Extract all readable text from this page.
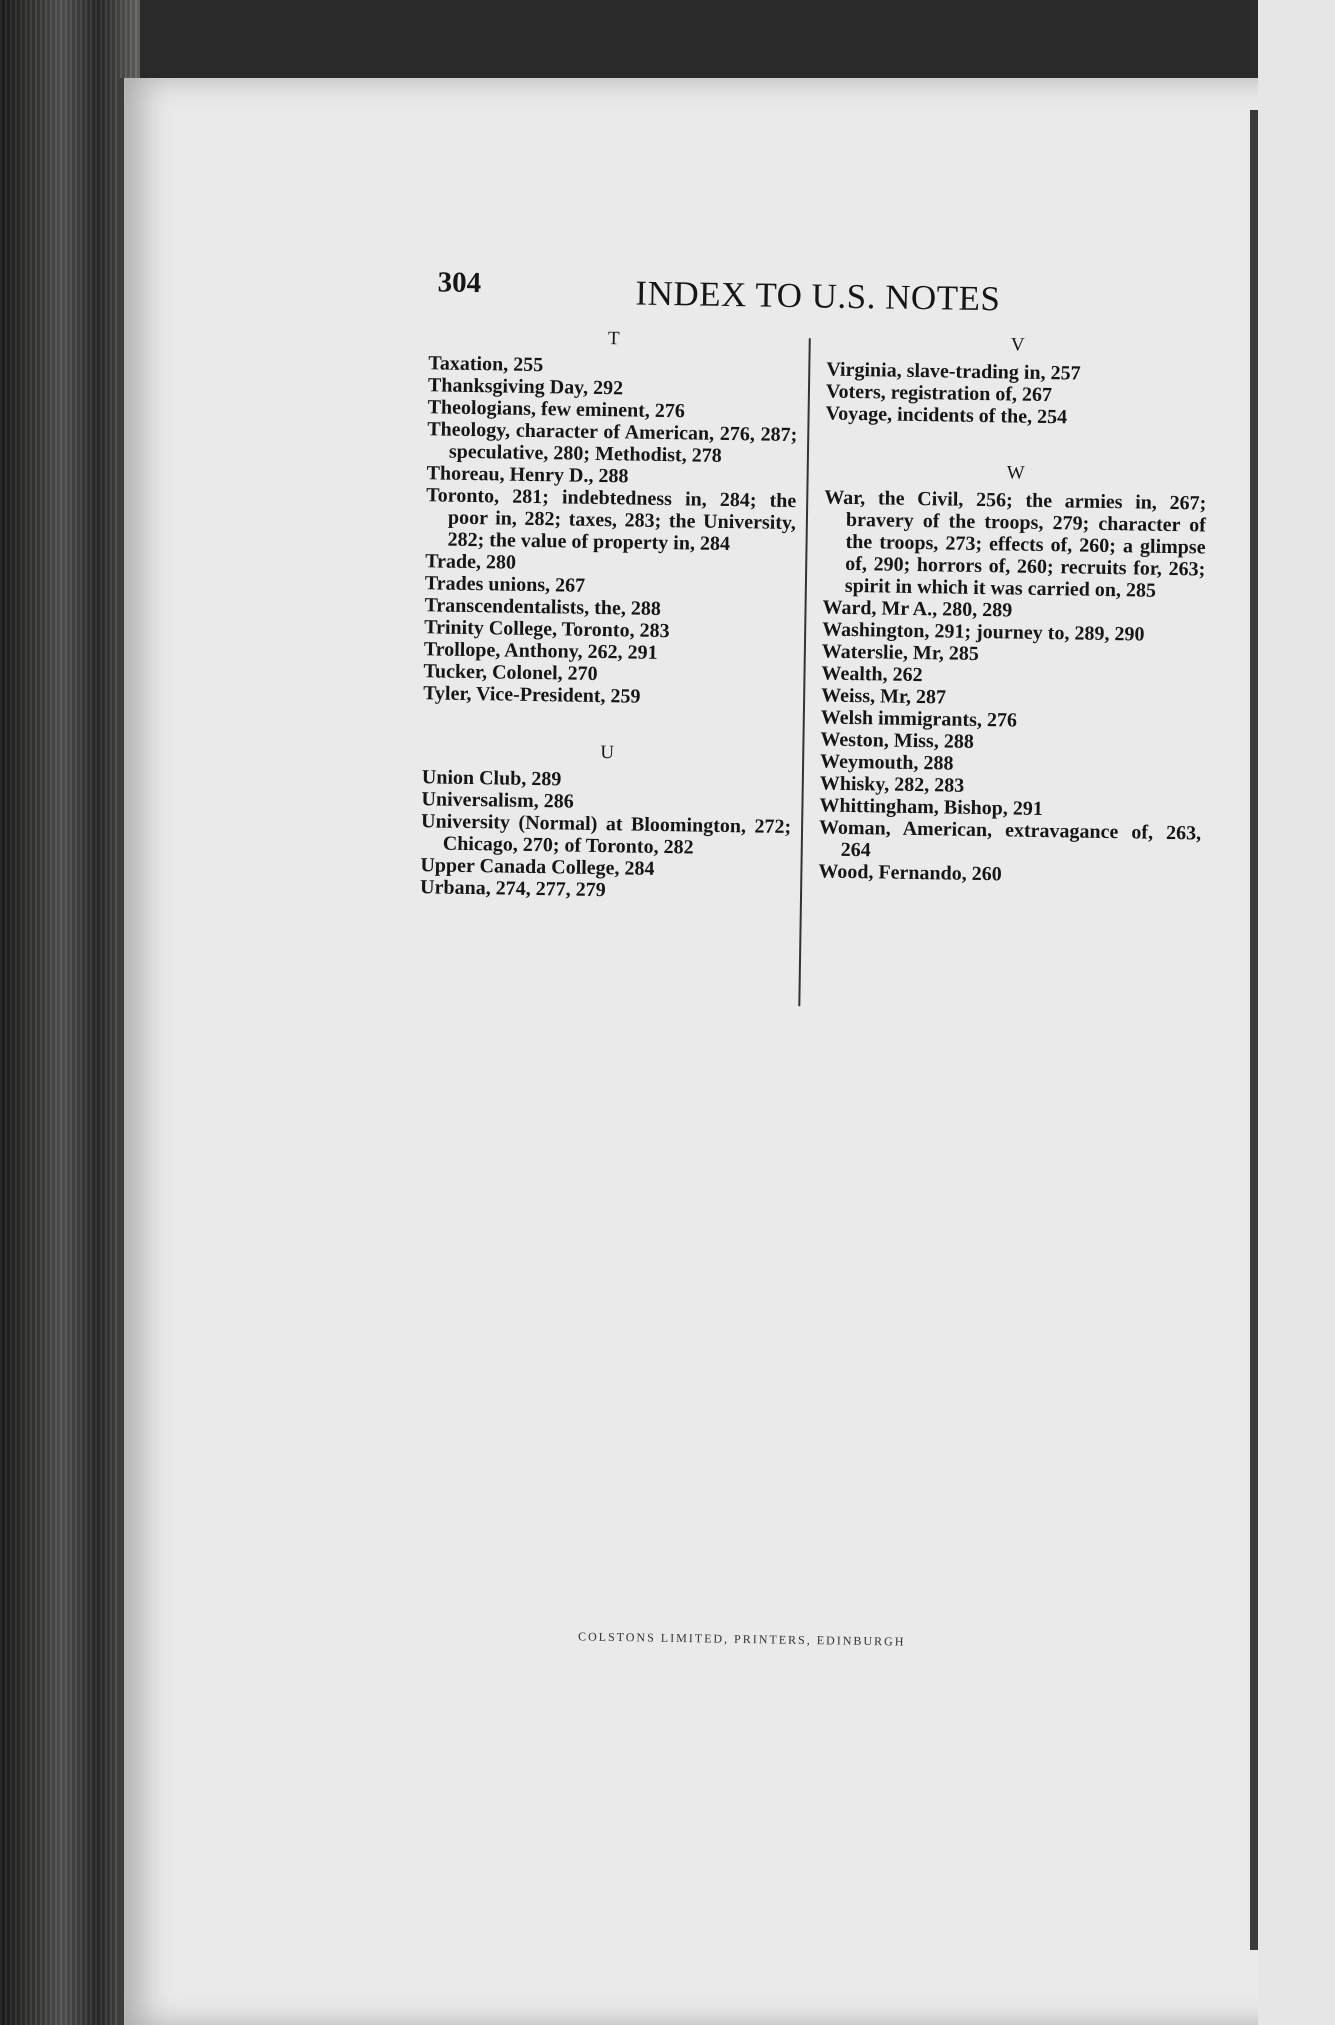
304	INDEX TO U.S. NOTES
T

Taxation, 255

Thanksgiving Day, 292

Theologians, few eminent, 276

Theology, character of American, 276, 287; speculative, 280; Methodist, 278

Thoreau, Henry D., 288

Toronto, 281; indebtedness in, 284; the poor in, 282; taxes, 283; the University, 282; the value of property in, 284

Trade, 280

Trades unions, 267

Transcendentalists, the, 288

Trinity College, Toronto, 283

Trollope, Anthony, 262, 291

Tucker, Colonel, 270

Tyler, Vice-President, 259

U

Union Club, 289

Universalism, 286

University (Normal) at Bloomington, 272; Chicago, 270; of Toronto, 282

Upper Canada College, 284

Urbana, 274, 277, 279

V

Virginia, slave-trading in, 257

Voters, registration of, 267

Voyage, incidents of the, 254

W

War, the Civil, 256; the armies in, 267; bravery of the troops, 279; character of the troops, 273; effects of, 260; a glimpse of, 290; horrors of, 260; recruits for, 263; spirit in which it was carried on, 285

Ward, Mr A., 280, 289

Washington, 291; journey to, 289, 290

Waterslie, Mr, 285

Wealth, 262

Weiss, Mr, 287

Welsh immigrants, 276

Weston, Miss, 288

Weymouth, 288

Whisky, 282, 283

Whittingham, Bishop, 291

Woman, American, extravagance of, 263, 264

Wood, Fernando, 260

COLSTONS LIMITED, PRINTERS, EDINBURGH
